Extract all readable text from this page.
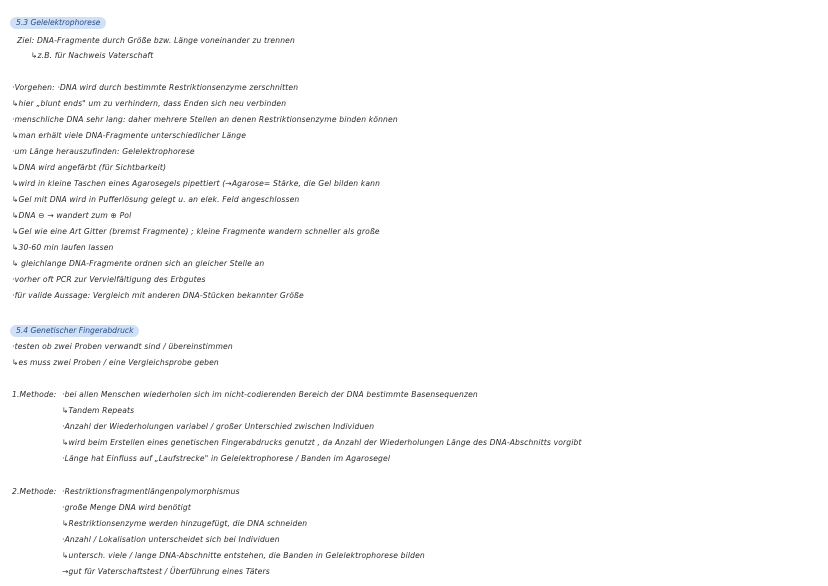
5.3 Gelelektrophorese
Ziel: DNA-Fragmente durch Größe bzw. Länge voneinander zu trennen
↳z.B. für Nachweis Vaterschaft
·Vorgehen: ·DNA wird durch bestimmte Restriktionsenzyme zerschnitten
↳hier „blunt ends" um zu verhindern, dass Enden sich neu verbinden
·menschliche DNA sehr lang: daher mehrere Stellen an denen Restriktionsenzyme binden können
↳man erhält viele DNA-Fragmente unterschiedlicher Länge
·um Länge herauszufinden: Gelelektrophorese
↳DNA wird angefärbt (für Sichtbarkeit)
↳wird in kleine Taschen eines Agarosegels pipettiert (→Agarose= Stärke, die Gel bilden kann
↳Gel mit DNA wird in Pufferlösung gelegt u. an elek. Feld angeschlossen
↳DNA ⊖ → wandert zum ⊕ Pol
↳Gel wie eine Art Gitter (bremst Fragmente) ; kleine Fragmente wandern schneller als große
↳30-60 min laufen lassen
↳ gleichlange DNA-Fragmente ordnen sich an gleicher Stelle an
·vorher oft PCR zur Vervielfältigung des Erbgutes
·für valide Aussage: Vergleich mit anderen DNA-Stücken bekannter Größe
5.4 Genetischer Fingerabdruck
·testen ob zwei Proben verwandt sind / übereinstimmen
↳es muss zwei Proben / eine Vergleichsprobe geben
1.Methode: ·bei allen Menschen wiederholen sich im nicht-codierenden Bereich der DNA bestimmte Basensequenzen
↳Tandem Repeats
·Anzahl der Wiederholungen variabel / großer Unterschied zwischen Individuen
↳wird beim Erstellen eines genetischen Fingerabdrucks genutzt , da Anzahl der Wiederholungen Länge des DNA-Abschnitts vorgibt
·Länge hat Einfluss auf „Laufstrecke" in Gelelektrophorese / Banden im Agarosegel
2.Methode: ·Restriktionsfragmentlängenpolymorphismus
·große Menge DNA wird benötigt
↳Restriktionsenzyme werden hinzugefügt, die DNA schneiden
·Anzahl / Lokalisation unterscheidet sich bei Individuen
↳untersch. viele / lange DNA-Abschnitte entstehen, die Banden in Gelelektrophorese bilden
→gut für Vaterschaftstest / Überführung eines Täters
